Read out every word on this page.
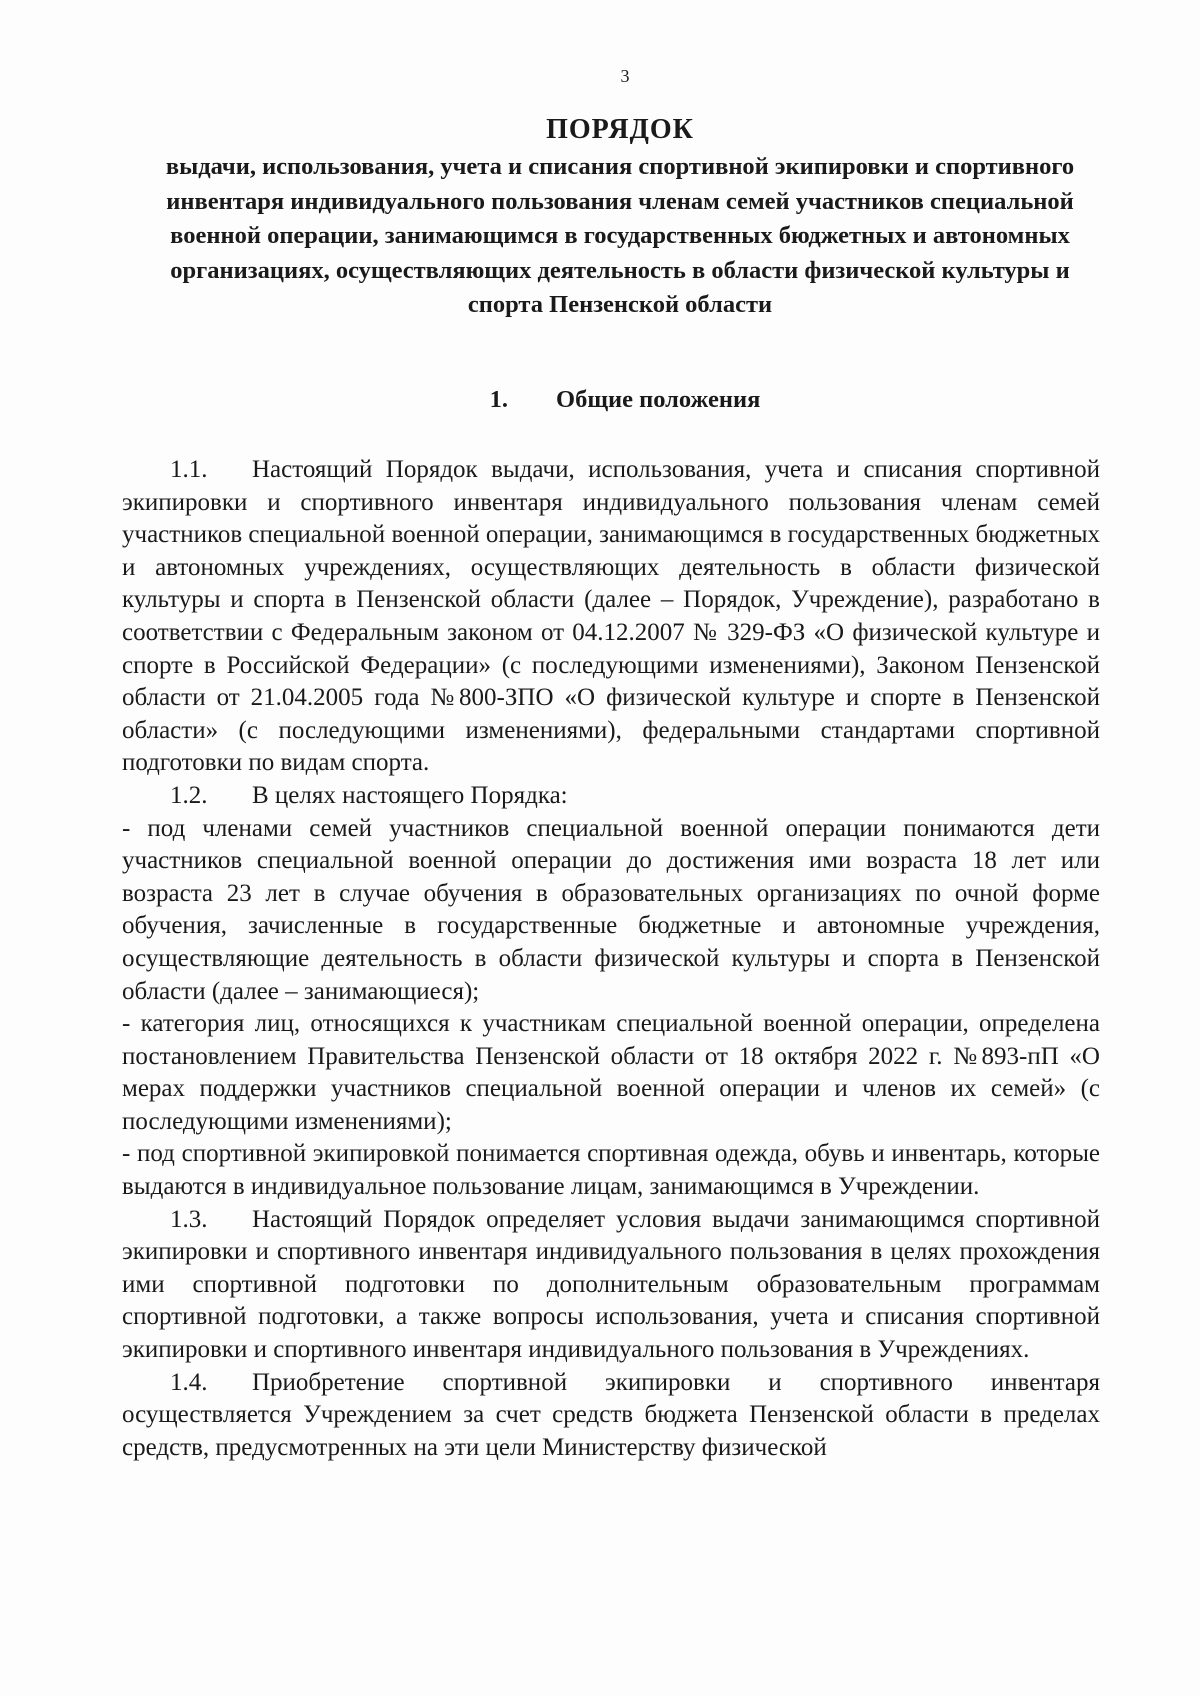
3
ПОРЯДОК
выдачи, использования, учета и списания спортивной экипировки и спортивного инвентаря индивидуального пользования членам семей участников специальной военной операции, занимающимся в государственных бюджетных и автономных организациях, осуществляющих деятельность в области физической культуры и спорта Пензенской области
1. Общие положения

1.1. Настоящий Порядок выдачи, использования, учета и списания спортивной экипировки и спортивного инвентаря индивидуального пользования членам семей участников специальной военной операции, занимающимся в государственных бюджетных и автономных учреждениях, осуществляющих деятельность в области физической культуры и спорта в Пензенской области (далее – Порядок, Учреждение), разработано в соответствии с Федеральным законом от 04.12.2007 № 329-ФЗ «О физической культуре и спорте в Российской Федерации» (с последующими изменениями), Законом Пензенской области от 21.04.2005 года №800-ЗПО «О физической культуре и спорте в Пензенской области» (с последующими изменениями), федеральными стандартами спортивной подготовки по видам спорта.

1.2. В целях настоящего Порядка:

- под членами семей участников специальной военной операции понимаются дети участников специальной военной операции до достижения ими возраста 18 лет или возраста 23 лет в случае обучения в образовательных организациях по очной форме обучения, зачисленные в государственные бюджетные и автономные учреждения, осуществляющие деятельность в области физической культуры и спорта в Пензенской области (далее – занимающиеся);

- категория лиц, относящихся к участникам специальной военной операции, определена постановлением Правительства Пензенской области от 18 октября 2022 г. №893-пП «О мерах поддержки участников специальной военной операции и членов их семей» (с последующими изменениями);

- под спортивной экипировкой понимается спортивная одежда, обувь и инвентарь, которые выдаются в индивидуальное пользование лицам, занимающимся в Учреждении.

1.3. Настоящий Порядок определяет условия выдачи занимающимся спортивной экипировки и спортивного инвентаря индивидуального пользования в целях прохождения ими спортивной подготовки по дополнительным образовательным программам спортивной подготовки, а также вопросы использования, учета и списания спортивной экипировки и спортивного инвентаря индивидуального пользования в Учреждениях.

1.4. Приобретение спортивной экипировки и спортивного инвентаря осуществляется Учреждением за счет средств бюджета Пензенской области в пределах средств, предусмотренных на эти цели Министерству физической
